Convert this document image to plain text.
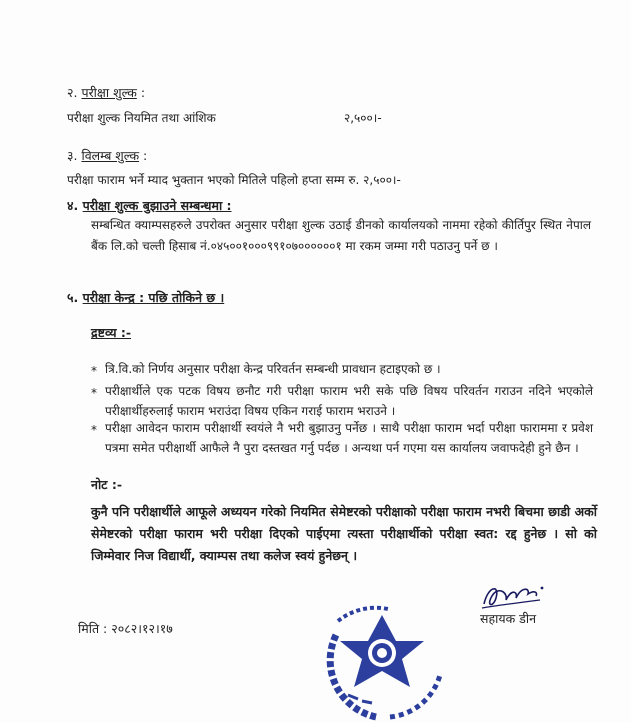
२. परीक्षा शुल्क :
परीक्षा शुल्क नियमित तथा आंशिक	२,५००।-
३. विलम्ब शुल्क :
परीक्षा फाराम भर्ने म्याद भुक्तान भएको मितिले पहिलो हप्ता सम्म रु. २,५००।-
४. परीक्षा शुल्क बुझाउने सम्बन्धमा :
सम्बन्धित क्याम्पसहरुले उपरोक्त अनुसार परीक्षा शुल्क उठाई डीनको कार्यालयको नाममा रहेको कीर्तिपुर स्थित नेपाल बैंक लि.को चल्ती हिसाब नं.०४५००१०००९९१०७००००००१ मा रकम जम्मा गरी पठाउनु पर्ने छ ।
५. परीक्षा केन्द्र : पछि तोकिने छ ।
द्रष्टव्य :-
* त्रि.वि.को निर्णय अनुसार परीक्षा केन्द्र परिवर्तन सम्बन्धी प्रावधान हटाइएको छ ।
* परीक्षार्थीले एक पटक विषय छनौट गरी परीक्षा फाराम भरी सके पछि विषय परिवर्तन गराउन नदिने भएकोले परीक्षार्थीहरुलाई फाराम भराउंदा विषय एकिन गराई फाराम भराउने ।
* परीक्षा आवेदन फाराम परीक्षार्थी स्वयंले नै भरी बुझाउनु पर्नेछ । साथै परीक्षा फाराम भर्दा परीक्षा फाराममा र प्रवेश पत्रमा समेत परीक्षार्थी आफैले नै पुरा दस्तखत गर्नु पर्दछ । अन्यथा पर्न गएमा यस कार्यालय जवाफदेही हुने छैन ।
नोट :-
कुनै पनि परीक्षार्थीले आफूले अध्ययन गरेको नियमित सेमेष्टरको परीक्षाको परीक्षा फाराम नभरी बिचमा छाडी अर्को सेमेष्टरको परीक्षा फाराम भरी परीक्षा दिएको पाईएमा त्यस्ता परीक्षार्थीको परीक्षा स्वत: रद्द हुनेछ । सो को जिम्मेवार निज विद्यार्थी, क्याम्पस तथा कलेज स्वयं हुनेछन् ।
मिति : २०८२।१२।१७
सहायक डीन
